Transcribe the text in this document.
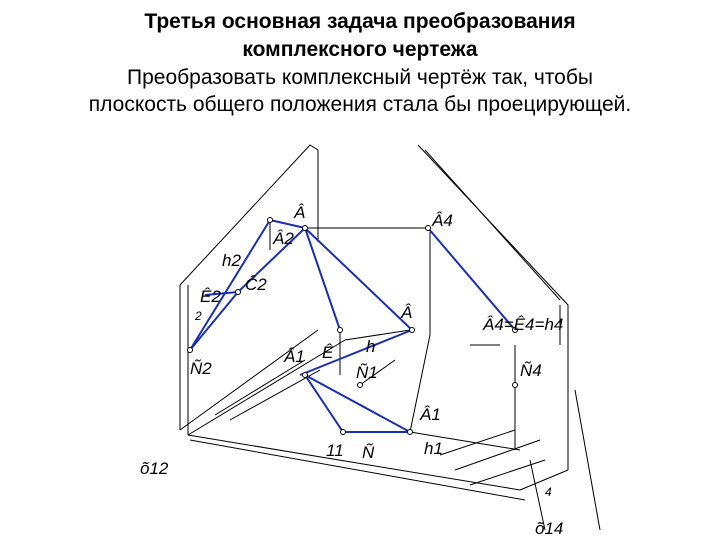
Третья основная задача преобразования
комплексного чертежа
Преобразовать комплексный чертёж так, чтобы
плоскость общего положения стала бы проецирующей.
Â
Â2
Â4
h2
Ê2
Ĉ2
2
Ñ2
Â
Â4=Ê4=h4
Â1 Ê h
Ñ1	Ñ4
Â1
11 Ñ	h1
õ12
4
õ14
